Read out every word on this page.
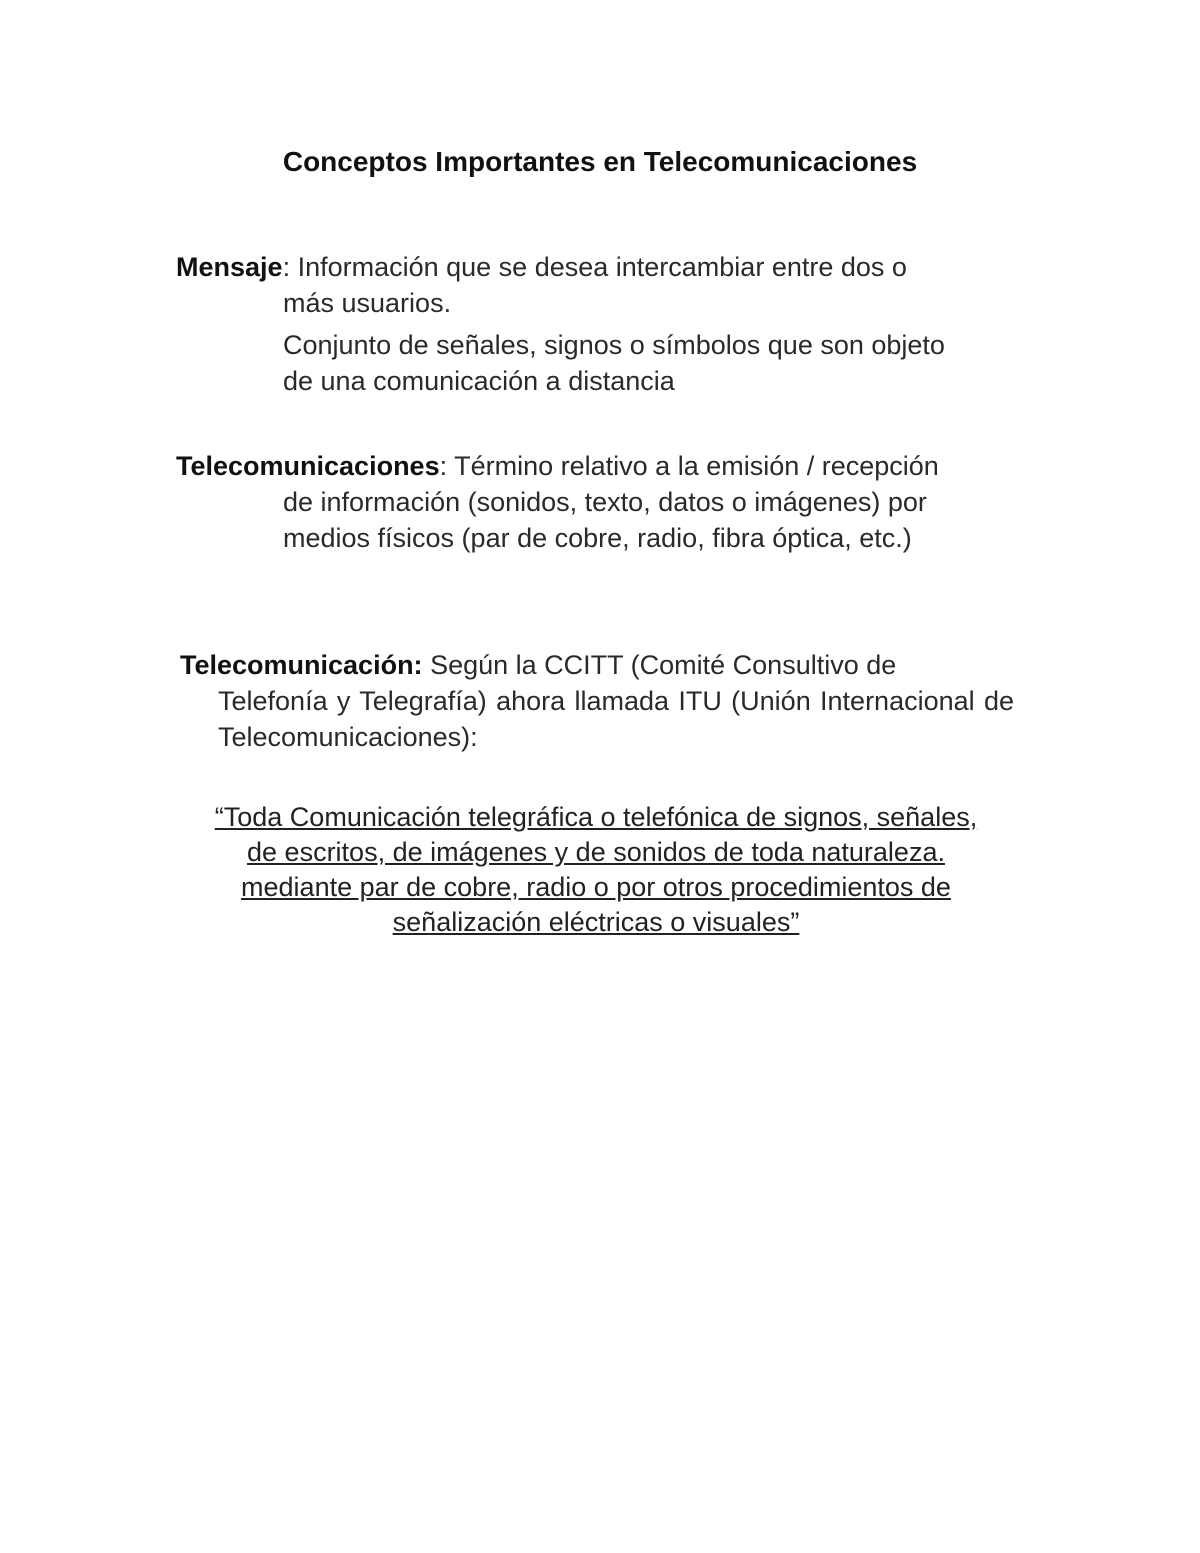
Conceptos Importantes en Telecomunicaciones
Mensaje: Información que se desea intercambiar entre dos o
más usuarios.
Conjunto de señales, signos o símbolos que son objeto
de una comunicación a distancia
Telecomunicaciones: Término relativo a la emisión / recepción
de información (sonidos, texto, datos o imágenes) por
medios físicos (par de cobre, radio, fibra óptica, etc.)
Telecomunicación: Según la CCITT (Comité Consultivo de
Telefonía y Telegrafía) ahora llamada ITU (Unión Internacional de Telecomunicaciones):
“Toda Comunicación telegráfica o telefónica de signos, señales,
de escritos, de imágenes y de sonidos de toda naturaleza.
mediante par de cobre, radio o por otros procedimientos de
señalización eléctricas o visuales”
